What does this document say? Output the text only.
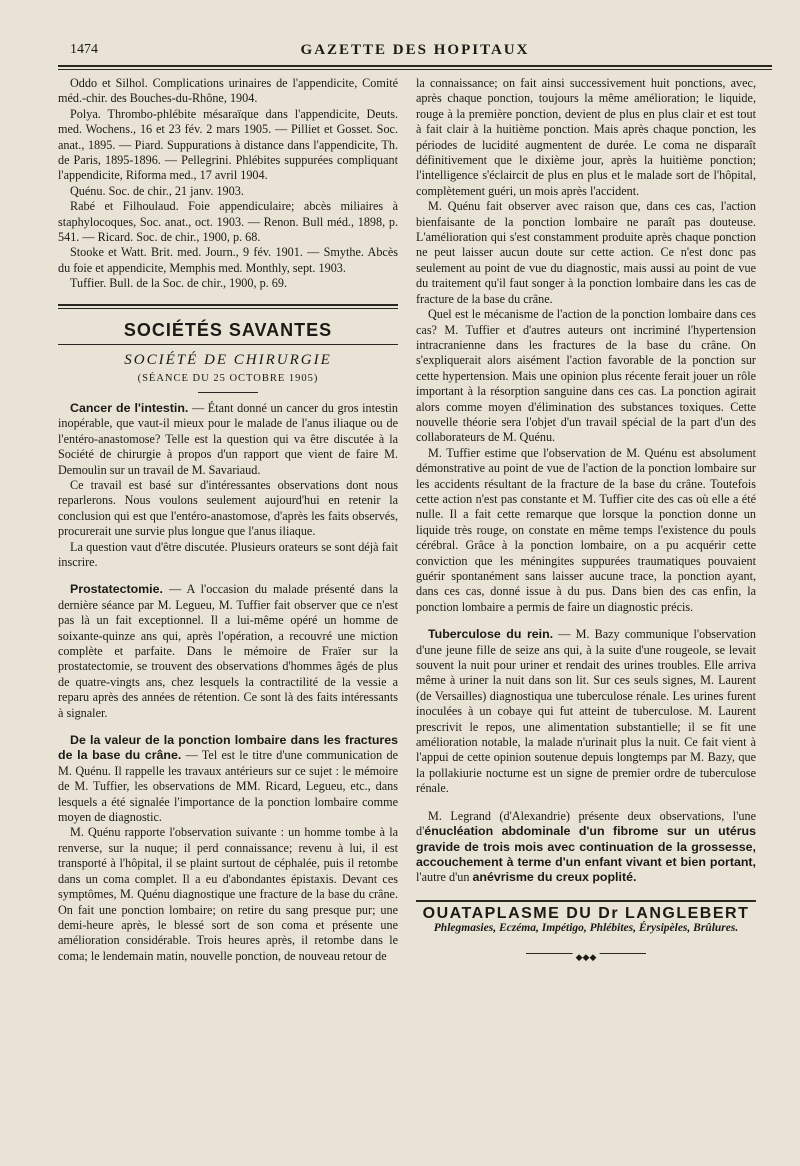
1474	GAZETTE DES HOPITAUX

Oddo et Silhol. Complications urinaires de l'appendicite, Comité méd.-chir. des Bouches-du-Rhône, 1904.

Polya. Thrombo-phlébite mésaraïque dans l'appendicite, Deuts. med. Wochens., 16 et 23 fév. 2 mars 1905. — Pilliet et Gosset. Soc. anat., 1895. — Piard. Suppurations à distance dans l'appendicite, Th. de Paris, 1895-1896. — Pellegrini. Phlébites suppurées compliquant l'appendicite, Riforma med., 17 avril 1904.

Quénu. Soc. de chir., 21 janv. 1903.

Rabé et Filhoulaud. Foie appendiculaire; abcès miliaires à staphylocoques, Soc. anat., oct. 1903. — Renon. Bull méd., 1898, p. 541. — Ricard. Soc. de chir., 1900, p. 68.

Stooke et Watt. Brit. med. Journ., 9 fév. 1901. — Smythe. Abcès du foie et appendicite, Memphis med. Monthly, sept. 1903.

Tuffier. Bull. de la Soc. de chir., 1900, p. 69.

SOCIÉTÉS SAVANTES
SOCIÉTÉ DE CHIRURGIE
(SÉANCE DU 25 OCTOBRE 1905)

Cancer de l'intestin. — Étant donné un cancer du gros intestin inopérable, que vaut-il mieux pour le malade de l'anus iliaque ou de l'entéro-anastomose? Telle est la question qui va être discutée à la Société de chirurgie à propos d'un rapport que vient de faire M. Demoulin sur un travail de M. Savariaud.

Ce travail est basé sur d'intéressantes observations dont nous reparlerons. Nous voulons seulement aujourd'hui en retenir la conclusion qui est que l'entéro-anastomose, d'après les faits observés, procurerait une survie plus longue que l'anus iliaque.

La question vaut d'être discutée. Plusieurs orateurs se sont déjà fait inscrire.

Prostatectomie. — A l'occasion du malade présenté dans la dernière séance par M. Legueu, M. Tuffier fait observer que ce n'est pas là un fait exceptionnel. Il a lui-même opéré un homme de soixante-quinze ans qui, après l'opération, a recouvré une miction complète et parfaite. Dans le mémoire de Fraïer sur la prostatectomie, se trouvent des observations d'hommes âgés de plus de quatre-vingts ans, chez lesquels la contractilité de la vessie a reparu après des années de rétention. Ce sont là des faits intéressants à signaler.

De la valeur de la ponction lombaire dans les fractures de la base du crâne. — Tel est le titre d'une communication de M. Quénu. Il rappelle les travaux antérieurs sur ce sujet : le mémoire de M. Tuffier, les observations de MM. Ricard, Legueu, etc., dans lesquels a été signalée l'importance de la ponction lombaire comme moyen de diagnostic.

M. Quénu rapporte l'observation suivante : un homme tombe à la renverse, sur la nuque; il perd connaissance; revenu à lui, il est transporté à l'hôpital, il se plaint surtout de céphalée, puis il retombe dans un coma complet. Il a eu d'abondantes épistaxis. Devant ces symptômes, M. Quénu diagnostique une fracture de la base du crâne. On fait une ponction lombaire; on retire du sang presque pur; une demi-heure après, le blessé sort de son coma et présente une amélioration considérable. Trois heures après, il retombe dans le coma; le lendemain matin, nouvelle ponction, de nouveau retour de

la connaissance; on fait ainsi successivement huit ponctions, avec, après chaque ponction, toujours la même amélioration; le liquide, rouge à la première ponction, devient de plus en plus clair et est tout à fait clair à la huitième ponction. Mais après chaque ponction, les périodes de lucidité augmentent de durée. Le coma ne disparaît définitivement que le dixième jour, après la huitième ponction; l'intelligence s'éclaircit de plus en plus et le malade sort de l'hôpital, complètement guéri, un mois après l'accident.

M. Quénu fait observer avec raison que, dans ces cas, l'action bienfaisante de la ponction lombaire ne paraît pas douteuse. L'amélioration qui s'est constamment produite après chaque ponction ne peut laisser aucun doute sur cette action. Ce n'est donc pas seulement au point de vue du diagnostic, mais aussi au point de vue du traitement qu'il faut songer à la ponction lombaire dans les cas de fracture de la base du crâne.

Quel est le mécanisme de l'action de la ponction lombaire dans ces cas? M. Tuffier et d'autres auteurs ont incriminé l'hypertension intracranienne dans les fractures de la base du crâne. On s'expliquerait alors aisément l'action favorable de la ponction sur cette hypertension. Mais une opinion plus récente ferait jouer un rôle important à la résorption sanguine dans ces cas. La ponction agirait alors comme moyen d'élimination des substances toxiques. Cette nouvelle théorie sera l'objet d'un travail spécial de la part d'un des collaborateurs de M. Quénu.

M. Tuffier estime que l'observation de M. Quénu est absolument démonstrative au point de vue de l'action de la ponction lombaire sur les accidents résultant de la fracture de la base du crâne. Toutefois cette action n'est pas constante et M. Tuffier cite des cas où elle a été nulle. Il a fait cette remarque que lorsque la ponction donne un liquide très rouge, on constate en même temps l'existence du pouls cérébral. Grâce à la ponction lombaire, on a pu acquérir cette conviction que les méningites suppurées traumatiques pouvaient guérir spontanément sans laisser aucune trace, la ponction ayant, dans ces cas, donné issue à du pus. Dans bien des cas enfin, la ponction lombaire a permis de faire un diagnostic précis.

Tuberculose du rein. — M. Bazy communique l'observation d'une jeune fille de seize ans qui, à la suite d'une rougeole, se levait souvent la nuit pour uriner et rendait des urines troubles. Elle arriva même à uriner la nuit dans son lit. Sur ces seuls signes, M. Laurent (de Versailles) diagnostiqua une tuberculose rénale. Les urines furent inoculées à un cobaye qui fut atteint de tuberculose. M. Laurent prescrivit le repos, une alimentation substantielle; il se fit une amélioration notable, la malade n'urinait plus la nuit. Ce fait vient à l'appui de cette opinion soutenue depuis longtemps par M. Bazy, que la pollakiurie nocturne est un signe de premier ordre de tuberculose rénale.

M. Legrand (d'Alexandrie) présente deux observations, l'une d'énucléation abdominale d'un fibrome sur un utérus gravide de trois mois avec continuation de la grossesse, accouchement à terme d'un enfant vivant et bien portant, l'autre d'un anévrisme du creux poplité.

OUATAPLASME DU Dr LANGLEBERT
Phlegmasies, Eczéma, Impétigo, Phlébites, Érysipèles, Brûlures.
◆◆◆
